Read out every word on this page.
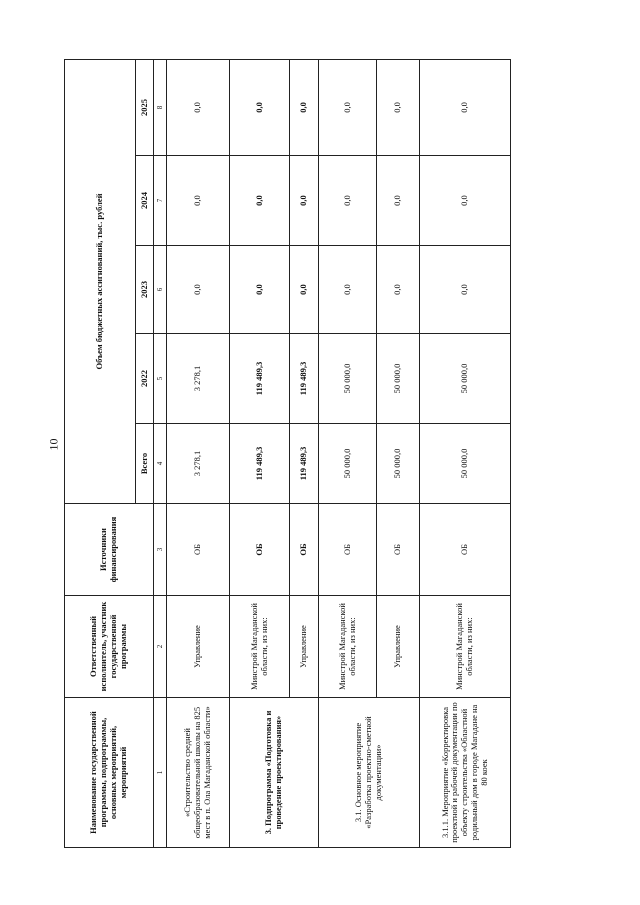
10
Наименование государственной программы, подпрограммы, основных мероприятий, мероприятий	Ответственный исполнитель, участник государственной программы	Источники финансирования	Объем бюджетных ассигнований, тыс. рублей				
			Всего	2022	2023	2024	2025
1	2	3	4	5	6	7	8
«Строительство средней общеобразовательной школы на 825 мест в п. Ола Магаданской области»	Управление	ОБ	3 278,1	3 278,1	0,0	0,0	0,0
3. Подпрограмма «Подготовка и проведение проектирования»	Минстрой Магаданской области, из них:	ОБ	119 489,3	119 489,3	0,0	0,0	0,0
	Управление	ОБ	119 489,3	119 489,3	0,0	0,0	0,0
3.1. Основное мероприятие «Разработка проектно-сметной документации»	Минстрой Магаданской области, из них:	ОБ	50 000,0	50 000,0	0,0	0,0	0,0
	Управление	ОБ	50 000,0	50 000,0	0,0	0,0	0,0
3.1.1. Мероприятие «Корректировка проектной и рабочей документации по объекту строительства «Областной родильный дом в городе Магадане на 80 коек	Минстрой Магаданской области, из них:	ОБ	50 000,0	50 000,0	0,0	0,0	0,0
